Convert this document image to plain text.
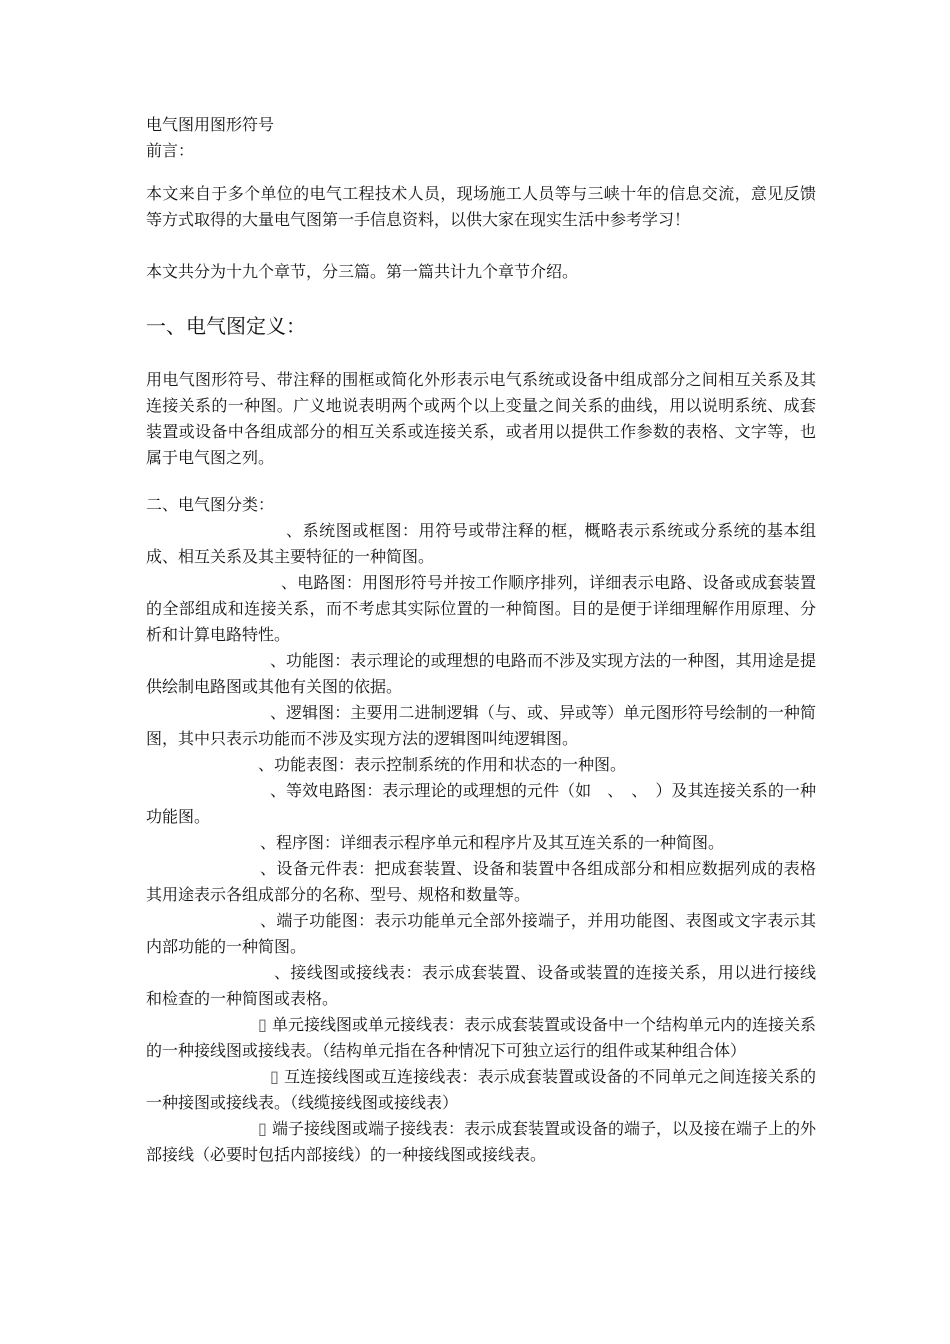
电气图用图形符号

前言：

本文来自于多个单位的电气工程技术人员，现场施工人员等与三峡十年的信息交流，意见反馈等方式取得的大量电气图第一手信息资料，以供大家在现实生活中参考学习！

本文共分为十九个章节，分三篇。第一篇共计九个章节介绍。

一、电气图定义：

用电气图形符号、带注释的围框或简化外形表示电气系统或设备中组成部分之间相互关系及其连接关系的一种图。广义地说表明两个或两个以上变量之间关系的曲线，用以说明系统、成套装置或设备中各组成部分的相互关系或连接关系，或者用以提供工作参数的表格、文字等，也属于电气图之列。

二、电气图分类：

、系统图或框图：用符号或带注释的框，概略表示系统或分系统的基本组成、相互关系及其主要特征的一种简图。

、电路图：用图形符号并按工作顺序排列，详细表示电路、设备或成套装置的全部组成和连接关系，而不考虑其实际位置的一种简图。目的是便于详细理解作用原理、分析和计算电路特性。

、功能图：表示理论的或理想的电路而不涉及实现方法的一种图，其用途是提供绘制电路图或其他有关图的依据。

、逻辑图：主要用二进制逻辑（与、或、异或等）单元图形符号绘制的一种简图，其中只表示功能而不涉及实现方法的逻辑图叫纯逻辑图。

、功能表图：表示控制系统的作用和状态的一种图。

、等效电路图：表示理论的或理想的元件（如　、　、　）及其连接关系的一种功能图。

、程序图：详细表示程序单元和程序片及其互连关系的一种简图。

、设备元件表：把成套装置、设备和装置中各组成部分和相应数据列成的表格其用途表示各组成部分的名称、型号、规格和数量等。

、端子功能图：表示功能单元全部外接端子，并用功能图、表图或文字表示其内部功能的一种简图。

、接线图或接线表：表示成套装置、设备或装置的连接关系，用以进行接线和检查的一种简图或表格。

▯ 单元接线图或单元接线表：表示成套装置或设备中一个结构单元内的连接关系的一种接线图或接线表。（结构单元指在各种情况下可独立运行的组件或某种组合体）

▯ 互连接线图或互连接线表：表示成套装置或设备的不同单元之间连接关系的一种接图或接线表。（线缆接线图或接线表）

▯ 端子接线图或端子接线表：表示成套装置或设备的端子，以及接在端子上的外部接线（必要时包括内部接线）的一种接线图或接线表。
